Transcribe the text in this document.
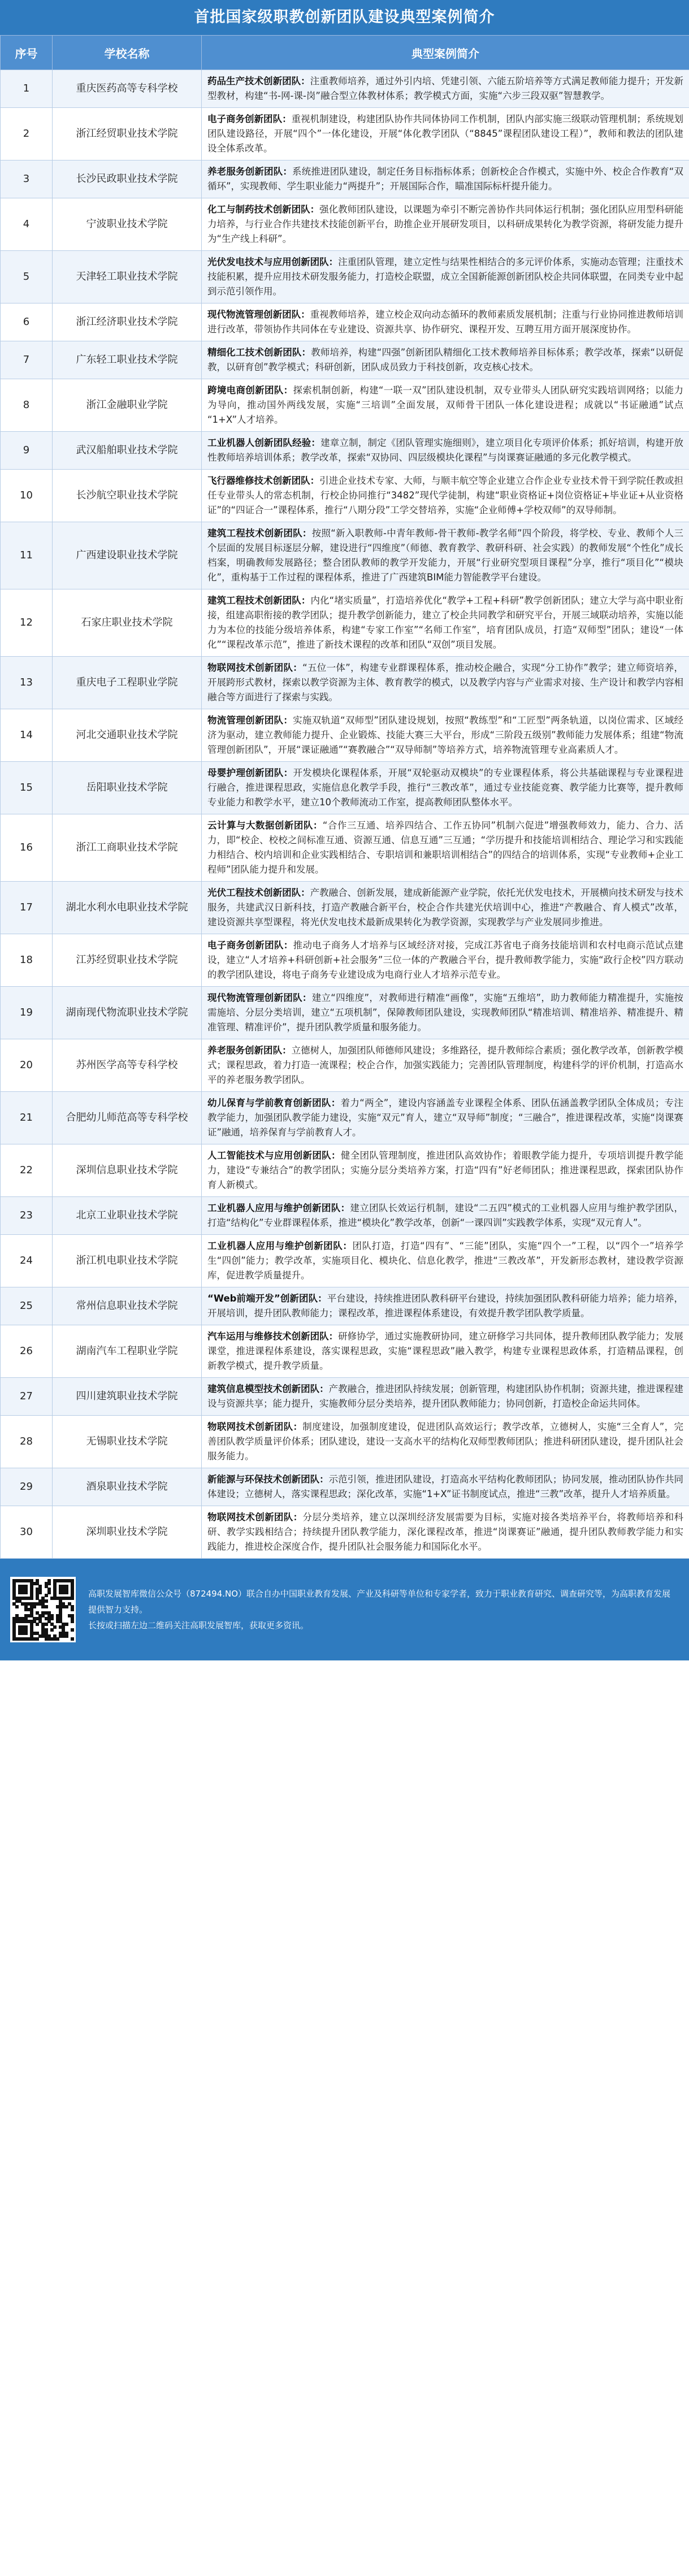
首批国家级职教创新团队建设典型案例简介
序号	学校名称	典型案例简介
1	重庆医药高等专科学校	药品生产技术创新团队：注重教师培养，通过外引内培、凭建引领、六能五阶培养等方式满足教师能力提升；开发新型教材，构建“书-网-课-岗”融合型立体教材体系；教学模式方面，实施“六步三段双驱”智慧教学。
2	浙江经贸职业技术学院	电子商务创新团队：重视机制建设，构建团队协作共同体协同工作机制，团队内部实施三级联动管理机制；系统规划团队建设路径，开展“四个”一体化建设，开展“体化教学团队（“8845”课程团队建设工程）”，教师和教法的团队建设全体系改革。
3	长沙民政职业技术学院	养老服务创新团队：系统推进团队建设，制定任务目标指标体系；创新校企合作模式，实施中外、校企合作教育“双循环”，实现教师、学生职业能力“两提升”；开展国际合作，瞄准国际标杆提升能力。
4	宁波职业技术学院	化工与制药技术创新团队：强化教师团队建设，以课题为牵引不断完善协作共同体运行机制；强化团队应用型科研能力培养，与行业合作共建技术技能创新平台，助推企业开展研发项目，以科研成果转化为教学资源，将研发能力提升为“生产线上科研”。
5	天津轻工职业技术学院	光伏发电技术与应用创新团队：注重团队管理，建立定性与结果性相结合的多元评价体系，实施动态管理；注重技术技能积累，提升应用技术研发服务能力，打造校企联盟，成立全国新能源创新团队校企共同体联盟，在同类专业中起到示范引领作用。
6	浙江经济职业技术学院	现代物流管理创新团队：重视教师培养，建立校企双向动态循环的教师素质发展机制；注重与行业协同推进教师培训进行改革，带领协作共同体在专业建设、资源共享、协作研究、课程开发、互聘互用方面开展深度协作。
7	广东轻工职业技术学院	精细化工技术创新团队：教师培养，构建“四强”创新团队精细化工技术教师培养目标体系；教学改革，探索“以研促教，以研育创”教学模式；科研创新，团队成员致力于科技创新，攻克核心技术。
8	浙江金融职业学院	跨境电商创新团队：探索机制创新，构建“一联一双”团队建设机制，双专业带头人团队研究实践培训网络；以能力为导向，推动国外两线发展，实施“三培训”全面发展，双师骨干团队一体化建设进程；成就以“书证融通”试点 “1+X”人才培养。
9	武汉船舶职业技术学院	工业机器人创新团队经验：建章立制，制定《团队管理实施细则》，建立项目化专项评价体系；抓好培训，构建开放性教师培养培训体系；教学改革，探索“双协同、四层级模块化课程”与岗课赛证融通的多元化教学模式。
10	长沙航空职业技术学院	飞行器维修技术创新团队：引进企业技术专家、大师，与顺丰航空等企业建立合作企业专业技术骨干到学院任教或担任专业带头人的常态机制，行校企协同推行“3482”现代学徒制，构建“职业资格证+岗位资格证+毕业证+从业资格证”的“四证合一”课程体系，推行“八期分段”工学交替培养，实施“企业师傅+学校双师”的双导师制。
11	广西建设职业技术学院	建筑工程技术创新团队：按照“新入职教师-中青年教师-骨干教师-教学名师”四个阶段，将学校、专业、教师个人三个层面的发展目标逐层分解，建设进行“四维度”（师德、教育教学、教研科研、社会实践）的教师发展“个性化”成长档案，明确教师发展路径；整合团队教师的教学开发能力，开展“行业研究型项目课程”分享，推行“项目化”“模块化”，重构基于工作过程的课程体系，推进了广西建筑BIM能力智能教学平台建设。
12	石家庄职业技术学院	建筑工程技术创新团队：内化“堵实质量”，打造培养优化“教学+工程+科研”教学创新团队；建立大学与高中职业衔接，组建高职衔接的教学团队；提升教学创新能力，建立了校企共同教学和研究平台，开展三域联动培养，实施以能力为本位的技能分级培养体系，构建“专家工作室”“名师工作室”，培育团队成员，打造“双师型”团队；建设“一体化”“课程改革示范”，推进了新技术课程的改革和团队“双创”项目发展。
13	重庆电子工程职业学院	物联网技术创新团队：“五位一体”，构建专业群课程体系，推动校企融合，实现“分工协作”教学；建立师资培养，开展跨形式教材，探索以教学资源为主体、教育教学的模式，以及教学内容与产业需求对接、生产设计和教学内容相融合等方面进行了探索与实践。
14	河北交通职业技术学院	物流管理创新团队：实施双轨道“双师型”团队建设规划，按照“教练型”和“工匠型”两条轨道，以岗位需求、区域经济为驱动，建立教师能力提升、企业锻炼、技能大赛三大平台，形成“三阶段五级别”教师能力发展体系；组建“物流管理创新团队”，开展“课证融通”“赛教融合”“双导师制”等培养方式，培养物流管理专业高素质人才。
15	岳阳职业技术学院	母婴护理创新团队：开发模块化课程体系，开展“双轮驱动双模块”的专业课程体系，将公共基础课程与专业课程进行融合，推进课程思政，实施信息化教学手段，推行“三教改革”，通过专业技能竞赛、教学能力比赛等，提升教师专业能力和教学水平，建立10个教师流动工作室，提高教师团队整体水平。
16	浙江工商职业技术学院	云计算与大数据创新团队：“合作三互通、培养四结合、工作五协同”机制六促进”增强教师效力，能力、合力、活力，即“校企、校校之间标准互通、资源互通、信息互通”三互通；“学历提升和技能培训相结合、理论学习和实践能力相结合、校内培训和企业实践相结合、专职培训和兼职培训相结合”的四结合的培训体系，实现“专业教师+企业工程师”团队能力提升和发展。
17	湖北水利水电职业技术学院	光伏工程技术创新团队：产教融合、创新发展，建成新能源产业学院，依托光伏发电技术，开展横向技术研发与技术服务，共建武汉日新科技，打造产教融合新平台，校企合作共建光伏培训中心，推进“产教融合、育人模式”改革，建设资源共享型课程，将光伏发电技术最新成果转化为教学资源，实现教学与产业发展同步推进。
18	江苏经贸职业技术学院	电子商务创新团队：推动电子商务人才培养与区域经济对接，完成江苏省电子商务技能培训和农村电商示范试点建设，建立“人才培养+科研创新+社会服务”三位一体的产教融合平台，提升教师教学能力，实施“政行企校”四方联动的教学团队建设，将电子商务专业建设成为电商行业人才培养示范专业。
19	湖南现代物流职业技术学院	现代物流管理创新团队：建立“四维度”，对教师进行精准“画像”，实施“五维培”，助力教师能力精准提升，实施按需施培、分层分类培训，建立“五项机制”，保障教师团队建设，实现教师团队“精准培训、精准培养、精准提升、精准管理、精准评价”，提升团队教学质量和服务能力。
20	苏州医学高等专科学校	养老服务创新团队：立德树人，加强团队师德师风建设；多维路径，提升教师综合素质；强化教学改革，创新教学模式；课程思政，着力打造一流课程；校企合作，加强实践能力；完善团队管理制度，构建科学的评价机制，打造高水平的养老服务教学团队。
21	合肥幼儿师范高等专科学校	幼儿保育与学前教育创新团队：着力“两全”，建设内容涵盖专业课程全体系、团队伍涵盖教学团队全体成员；专注教学能力，加强团队教学能力建设，实施“双元”育人，建立“双导师”制度；“三融合”，推进课程改革，实施“岗课赛证”融通，培养保育与学前教育人才。
22	深圳信息职业技术学院	人工智能技术与应用创新团队：健全团队管理制度，推进团队高效协作；着眼教学能力提升，专项培训提升教学能力，建设“专兼结合”的教学团队；实施分层分类培养方案，打造“四有”好老师团队；推进课程思政，探索团队协作育人新模式。
23	北京工业职业技术学院	工业机器人应用与维护创新团队：建立团队长效运行机制，建设“二五四”模式的工业机器人应用与维护教学团队，打造“结构化”专业群课程体系，推进“模块化”教学改革，创新“一课四训”实践教学体系，实现“双元育人”。
24	浙江机电职业技术学院	工业机器人应用与维护创新团队：团队打造，打造“四有”、“三能”团队，实施“四个一”工程，以“四个一”培养学生“四创”能力；教学改革，实施项目化、模块化、信息化教学，推进“三教改革”，开发新形态教材，建设教学资源库，促进教学质量提升。
25	常州信息职业技术学院	“Web前端开发”创新团队：平台建设，持续推进团队教科研平台建设，持续加强团队教科研能力培养；能力培养，开展培训，提升团队教师能力；课程改革，推进课程体系建设，有效提升教学团队教学质量。
26	湖南汽车工程职业学院	汽车运用与维修技术创新团队：研修协学，通过实施教研协同，建立研修学习共同体，提升教师团队教学能力；发展课堂，推进课程体系建设，落实课程思政，实施“课程思政”融入教学，构建专业课程思政体系，打造精品课程，创新教学模式，提升教学质量。
27	四川建筑职业技术学院	建筑信息模型技术创新团队：产教融合，推进团队持续发展；创新管理，构建团队协作机制；资源共建，推进课程建设与资源共享；能力提升，实施教师分层分类培养，提升团队教师能力；协同创新，打造校企命运共同体。
28	无锡职业技术学院	物联网技术创新团队：制度建设，加强制度建设，促进团队高效运行；教学改革，立德树人，实施“三全育人”，完善团队教学质量评价体系；团队建设，建设一支高水平的结构化双师型教师团队；推进科研团队建设，提升团队社会服务能力。
29	酒泉职业技术学院	新能源与环保技术创新团队：示范引领，推进团队建设，打造高水平结构化教师团队；协同发展，推动团队协作共同体建设；立德树人，落实课程思政；深化改革，实施“1+X”证书制度试点，推进“三教”改革，提升人才培养质量。
30	深圳职业技术学院	物联网技术创新团队：分层分类培养，建立以深圳经济发展需要为目标，实施对接各类培养平台，将教师培养和科研、教学实践相结合；持续提升团队教学能力，深化课程改革，推进“岗课赛证”融通，提升团队教师教学能力和实践能力，推进校企深度合作，提升团队社会服务能力和国际化水平。
高职发展智库微信公众号（872494.NO）联合自办中国职业教育发展、产业及科研等单位和专家学者，致力于职业教育研究、调查研究等，为高职教育发展提供智力支持。
长按或扫描左边二维码关注高职发展智库，获取更多资讯。
